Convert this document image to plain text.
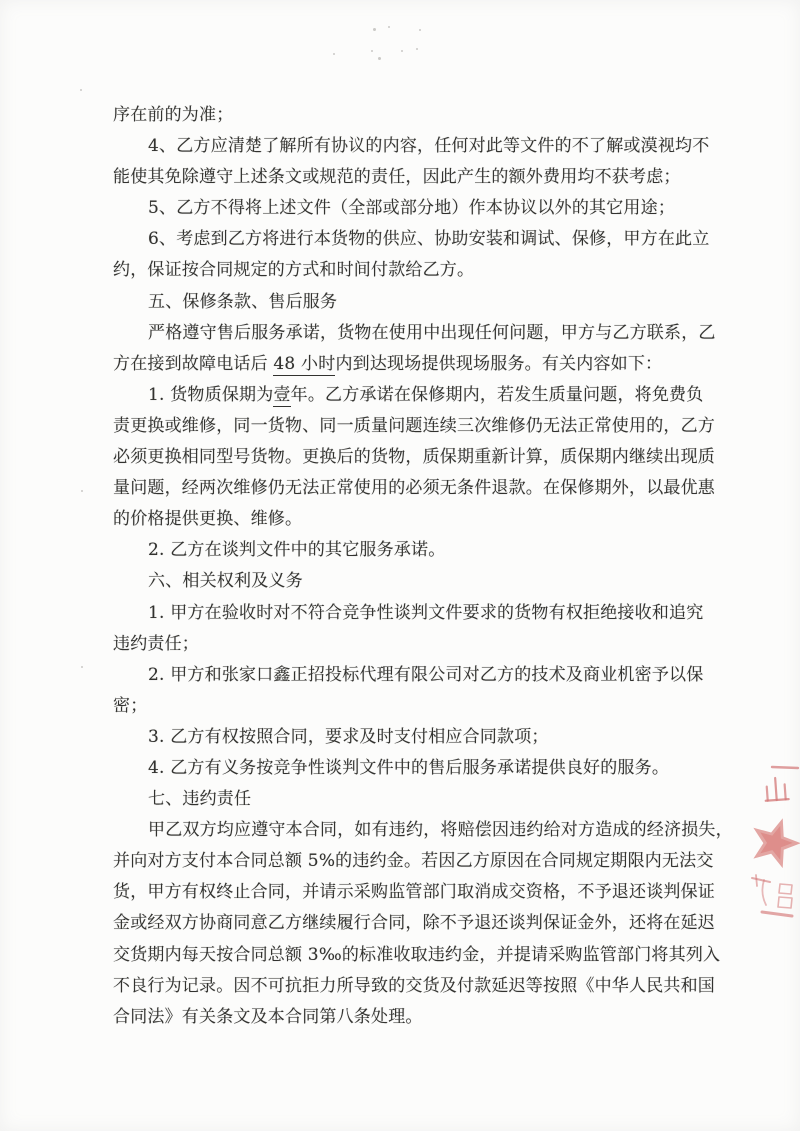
序在前的为准；
4、乙方应清楚了解所有协议的内容，任何对此等文件的不了解或漠视均不
能使其免除遵守上述条文或规范的责任，因此产生的额外费用均不获考虑；
5、乙方不得将上述文件（全部或部分地）作本协议以外的其它用途；
6、考虑到乙方将进行本货物的供应、协助安装和调试、保修，甲方在此立
约，保证按合同规定的方式和时间付款给乙方。
五、保修条款、售后服务
严格遵守售后服务承诺，货物在使用中出现任何问题，甲方与乙方联系，乙
方在接到故障电话后 48 小时内到达现场提供现场服务。有关内容如下：
1. 货物质保期为壹年。乙方承诺在保修期内，若发生质量问题，将免费负
责更换或维修，同一货物、同一质量问题连续三次维修仍无法正常使用的，乙方
必须更换相同型号货物。更换后的货物，质保期重新计算，质保期内继续出现质
量问题，经两次维修仍无法正常使用的必须无条件退款。在保修期外，以最优惠
的价格提供更换、维修。
2. 乙方在谈判文件中的其它服务承诺。
六、相关权利及义务
1. 甲方在验收时对不符合竞争性谈判文件要求的货物有权拒绝接收和追究
违约责任；
2. 甲方和张家口鑫正招投标代理有限公司对乙方的技术及商业机密予以保
密；
3. 乙方有权按照合同，要求及时支付相应合同款项；
4. 乙方有义务按竞争性谈判文件中的售后服务承诺提供良好的服务。
七、违约责任
甲乙双方均应遵守本合同，如有违约，将赔偿因违约给对方造成的经济损失，
并向对方支付本合同总额 5%的违约金。若因乙方原因在合同规定期限内无法交
货，甲方有权终止合同，并请示采购监管部门取消成交资格，不予退还谈判保证
金或经双方协商同意乙方继续履行合同，除不予退还谈判保证金外，还将在延迟
交货期内每天按合同总额 3‰的标准收取违约金，并提请采购监管部门将其列入
不良行为记录。因不可抗拒力所导致的交货及付款延迟等按照《中华人民共和国
合同法》有关条文及本合同第八条处理。
